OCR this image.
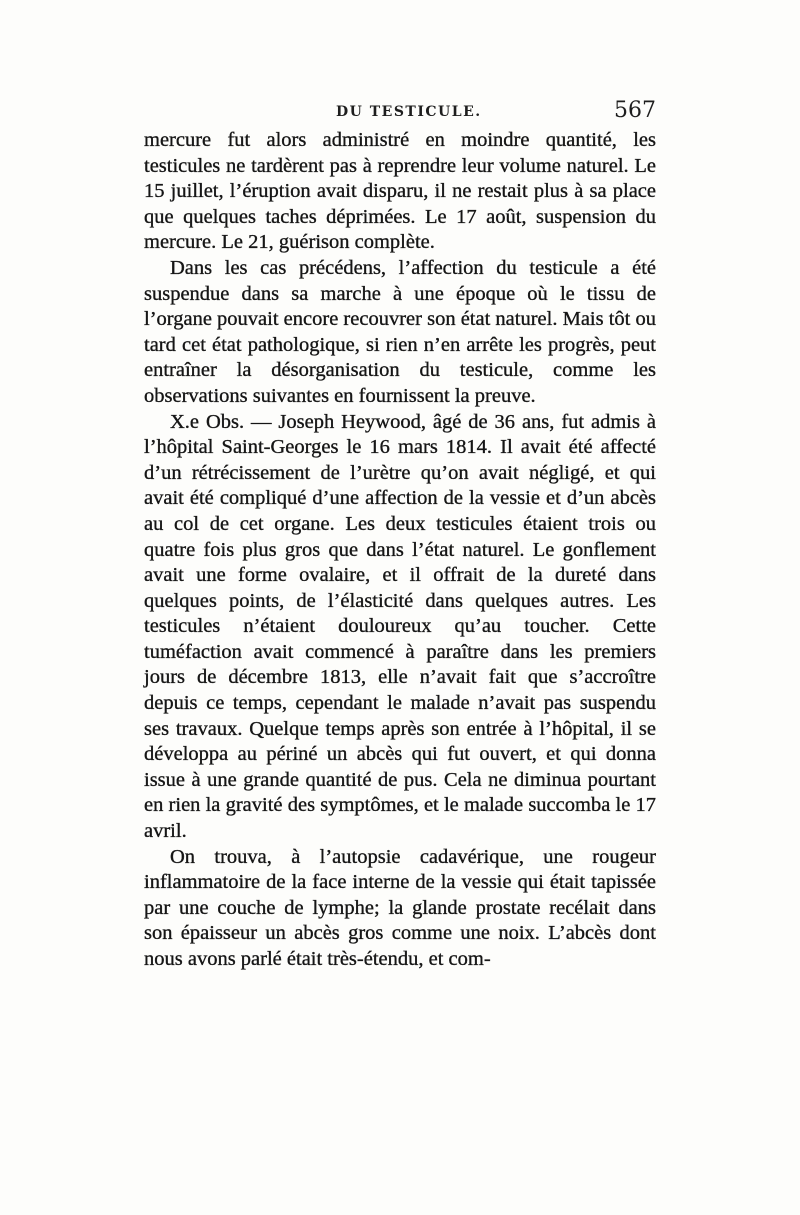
DU TESTICULE.	567

mercure fut alors administré en moindre quantité, les testicules ne tardèrent pas à reprendre leur volume naturel. Le 15 juillet, l’éruption avait disparu, il ne restait plus à sa place que quelques taches déprimées. Le 17 août, suspension du mercure. Le 21, guérison complète.

Dans les cas précédens, l’affection du testicule a été suspendue dans sa marche à une époque où le tissu de l’organe pouvait encore recouvrer son état naturel. Mais tôt ou tard cet état pathologique, si rien n’en arrête les progrès, peut entraîner la désorganisation du testicule, comme les observations suivantes en fournissent la preuve.

X.e Obs. — Joseph Heywood, âgé de 36 ans, fut admis à l’hôpital Saint-Georges le 16 mars 1814. Il avait été affecté d’un rétrécissement de l’urètre qu’on avait négligé, et qui avait été compliqué d’une affection de la vessie et d’un abcès au col de cet organe. Les deux testicules étaient trois ou quatre fois plus gros que dans l’état naturel. Le gonflement avait une forme ovalaire, et il offrait de la dureté dans quelques points, de l’élasticité dans quelques autres. Les testicules n’étaient douloureux qu’au toucher. Cette tuméfaction avait commencé à paraître dans les premiers jours de décembre 1813, elle n’avait fait que s’accroître depuis ce temps, cependant le malade n’avait pas suspendu ses travaux. Quelque temps après son entrée à l’hôpital, il se développa au périné un abcès qui fut ouvert, et qui donna issue à une grande quantité de pus. Cela ne diminua pourtant en rien la gravité des symptômes, et le malade succomba le 17 avril.

On trouva, à l’autopsie cadavérique, une rougeur inflammatoire de la face interne de la vessie qui était tapissée par une couche de lymphe; la glande prostate recélait dans son épaisseur un abcès gros comme une noix. L’abcès dont nous avons parlé était très-étendu, et com-
